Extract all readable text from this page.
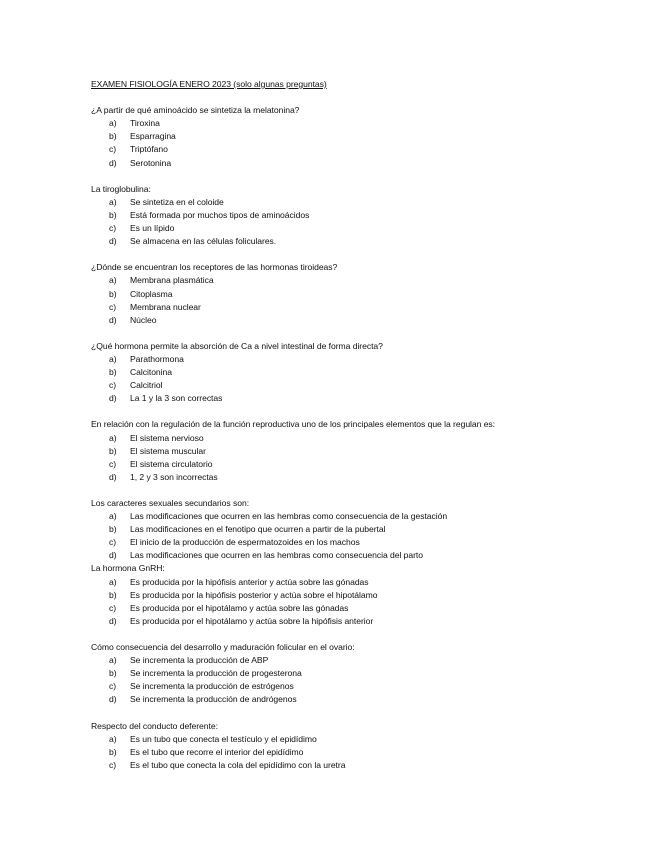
EXAMEN FISIOLOGÍA ENERO 2023 (solo algunas preguntas)
¿A partir de qué aminoácido se sintetiza la melatonina?
a)	Tiroxina
b)	Esparragina
c)	Triptófano
d)	Serotonina
La tiroglobulina:
a)	Se sintetiza en el coloide
b)	Está formada por muchos tipos de aminoácidos
c)	Es un lípido
d)	Se almacena en las células foliculares.
¿Dónde se encuentran los receptores de las hormonas tiroideas?
a)	Membrana plasmática
b)	Citoplasma
c)	Membrana nuclear
d)	Núcleo
¿Qué hormona permite la absorción de Ca a nivel intestinal de forma directa?
a)	Parathormona
b)	Calcitonina
c)	Calcitriol
d)	La 1 y la 3 son correctas
En relación con la regulación de la función reproductiva uno de los principales elementos que la regulan es:
a)	El sistema nervioso
b)	El sistema muscular
c)	El sistema circulatorio
d)	1, 2 y 3 son incorrectas
Los caracteres sexuales secundarios son:
a)	Las modificaciones que ocurren en las hembras como consecuencia de la gestación
b)	Las modificaciones en el fenotipo que ocurren a partir de la pubertal
c)	El inicio de la producción de espermatozoides en los machos
d)	Las modificaciones que ocurren en las hembras como consecuencia del parto
La hormona GnRH:
a)	Es producida por la hipófisis anterior y actúa sobre las gónadas
b)	Es producida por la hipófisis posterior y actúa sobre el hipotálamo
c)	Es producida por el hipotálamo y actúa sobre las gónadas
d)	Es producida por el hipotálamo y actúa sobre la hipófisis anterior
Cómo consecuencia del desarrollo y maduración folicular en el ovario:
a)	Se incrementa la producción de ABP
b)	Se incrementa la producción de progesterona
c)	Se incrementa la producción de estrógenos
d)	Se incrementa la producción de andrógenos
Respecto del conducto deferente:
a)	Es un tubo que conecta el testículo y el epidídimo
b)	Es el tubo que recorre el interior del epidídimo
c)	Es el tubo que conecta la cola del epidídimo con la uretra
